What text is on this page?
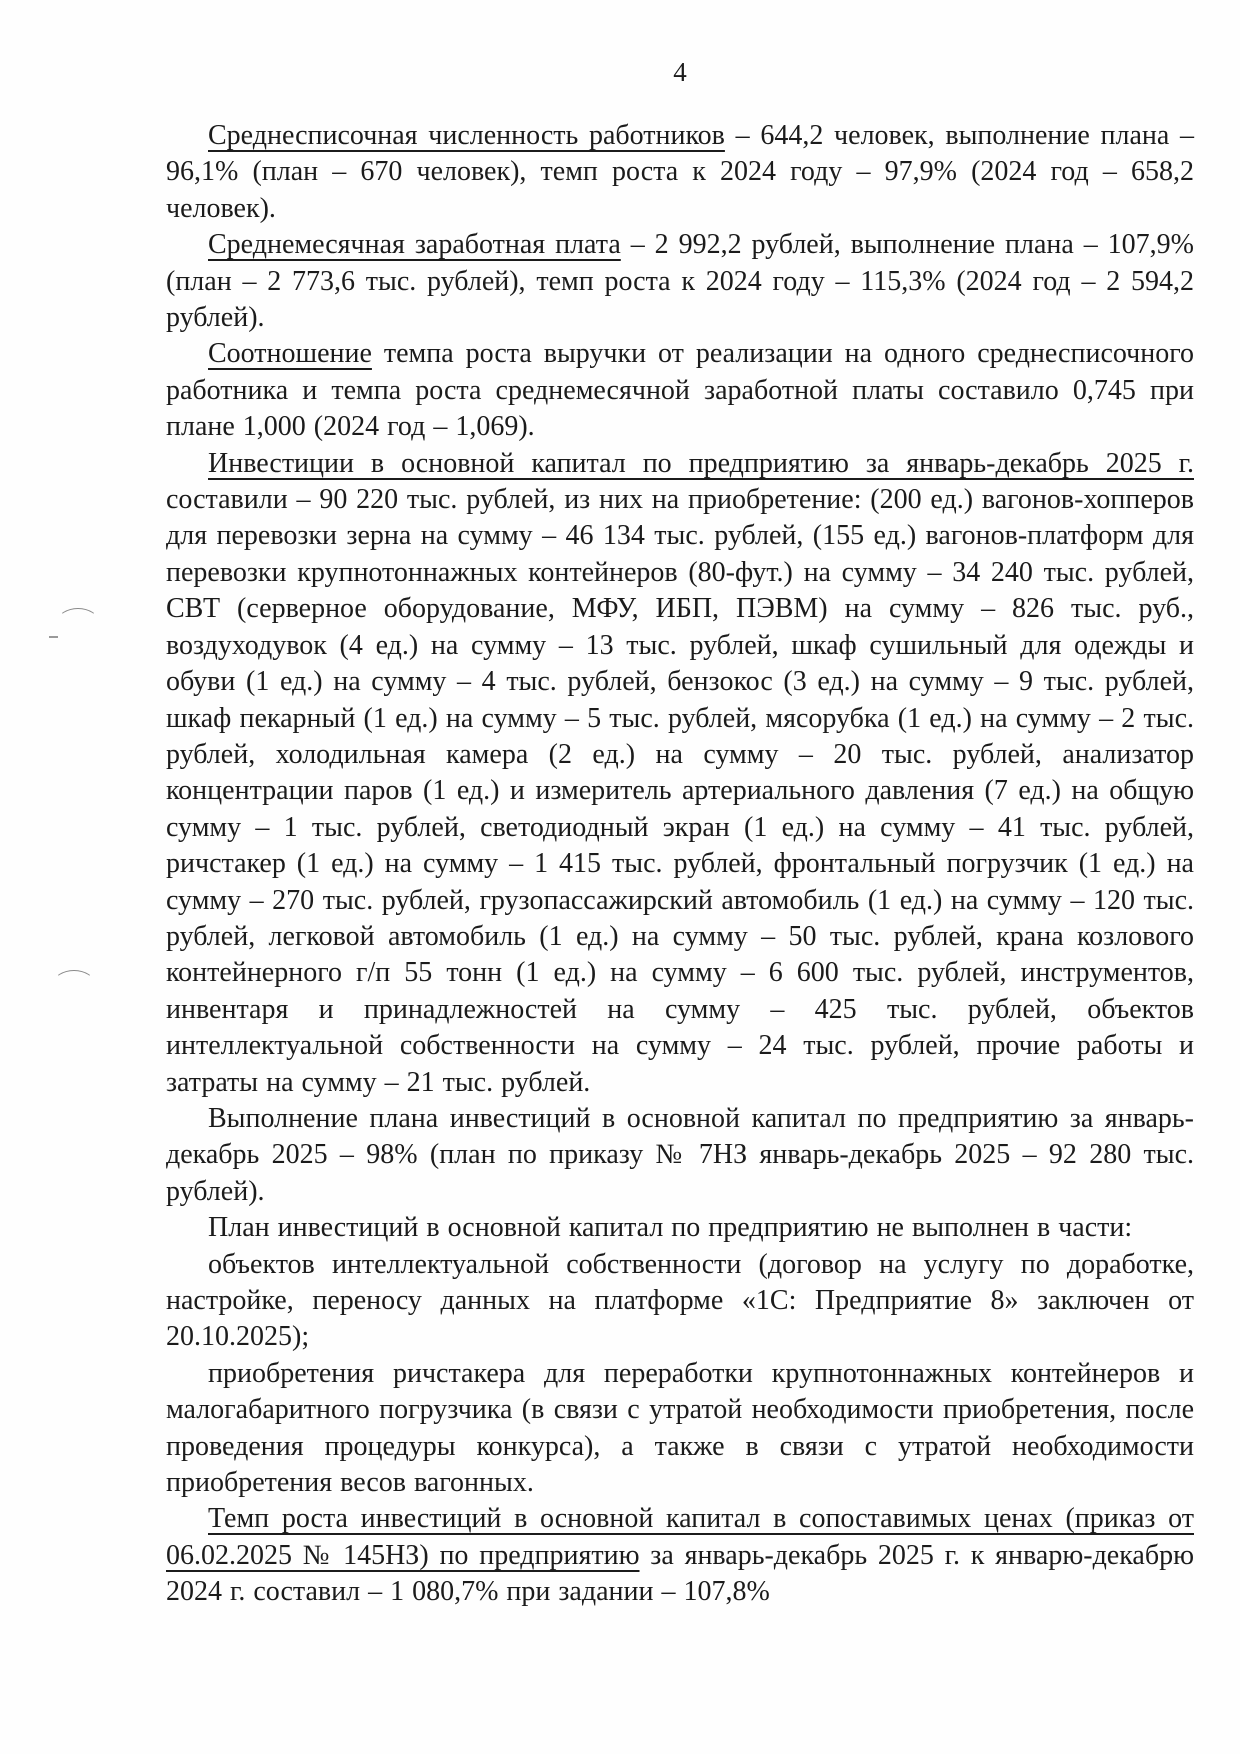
4

Среднесписочная численность работников – 644,2 человек, выполнение плана – 96,1% (план – 670 человек), темп роста к 2024 году – 97,9% (2024 год – 658,2 человек).

Среднемесячная заработная плата – 2 992,2 рублей, выполнение плана – 107,9% (план – 2 773,6 тыс. рублей), темп роста к 2024 году – 115,3% (2024 год – 2 594,2 рублей).

Соотношение темпа роста выручки от реализации на одного среднесписочного работника и темпа роста среднемесячной заработной платы составило 0,745 при плане 1,000 (2024 год – 1,069).

Инвестиции в основной капитал по предприятию за январь-декабрь 2025 г. составили – 90 220 тыс. рублей, из них на приобретение: (200 ед.) вагонов-хопперов для перевозки зерна на сумму – 46 134 тыс. рублей, (155 ед.) вагонов-платформ для перевозки крупнотоннажных контейнеров (80-фут.) на сумму – 34 240 тыс. рублей, СВТ (серверное оборудование, МФУ, ИБП, ПЭВМ) на сумму – 826 тыс. руб., воздуходувок (4 ед.) на сумму – 13 тыс. рублей, шкаф сушильный для одежды и обуви (1 ед.) на сумму – 4 тыс. рублей, бензокос (3 ед.) на сумму – 9 тыс. рублей, шкаф пекарный (1 ед.) на сумму – 5 тыс. рублей, мясорубка (1 ед.) на сумму – 2 тыс. рублей, холодильная камера (2 ед.) на сумму – 20 тыс. рублей, анализатор концентрации паров (1 ед.) и измеритель артериального давления (7 ед.) на общую сумму – 1 тыс. рублей, светодиодный экран (1 ед.) на сумму – 41 тыс. рублей, ричстакер (1 ед.) на сумму – 1 415 тыс. рублей, фронтальный погрузчик (1 ед.) на сумму – 270 тыс. рублей, грузопассажирский автомобиль (1 ед.) на сумму – 120 тыс. рублей, легковой автомобиль (1 ед.) на сумму – 50 тыс. рублей, крана козлового контейнерного г/п 55 тонн (1 ед.) на сумму – 6 600 тыс. рублей, инструментов, инвентаря и принадлежностей на сумму – 425 тыс. рублей, объектов интеллектуальной собственности на сумму – 24 тыс. рублей, прочие работы и затраты на сумму – 21 тыс. рублей.

Выполнение плана инвестиций в основной капитал по предприятию за январь-декабрь 2025 – 98% (план по приказу № 7НЗ январь-декабрь 2025 – 92 280 тыс. рублей).

План инвестиций в основной капитал по предприятию не выполнен в части:

объектов интеллектуальной собственности (договор на услугу по доработке, настройке, переносу данных на платформе «1С: Предприятие 8» заключен от 20.10.2025);

приобретения ричстакера для переработки крупнотоннажных контейнеров и малогабаритного погрузчика (в связи с утратой необходимости приобретения, после проведения процедуры конкурса), а также в связи с утратой необходимости приобретения весов вагонных.

Темп роста инвестиций в основной капитал в сопоставимых ценах (приказ от 06.02.2025 № 145НЗ) по предприятию за январь-декабрь 2025 г. к январю-декабрю 2024 г. составил – 1 080,7% при задании – 107,8%
